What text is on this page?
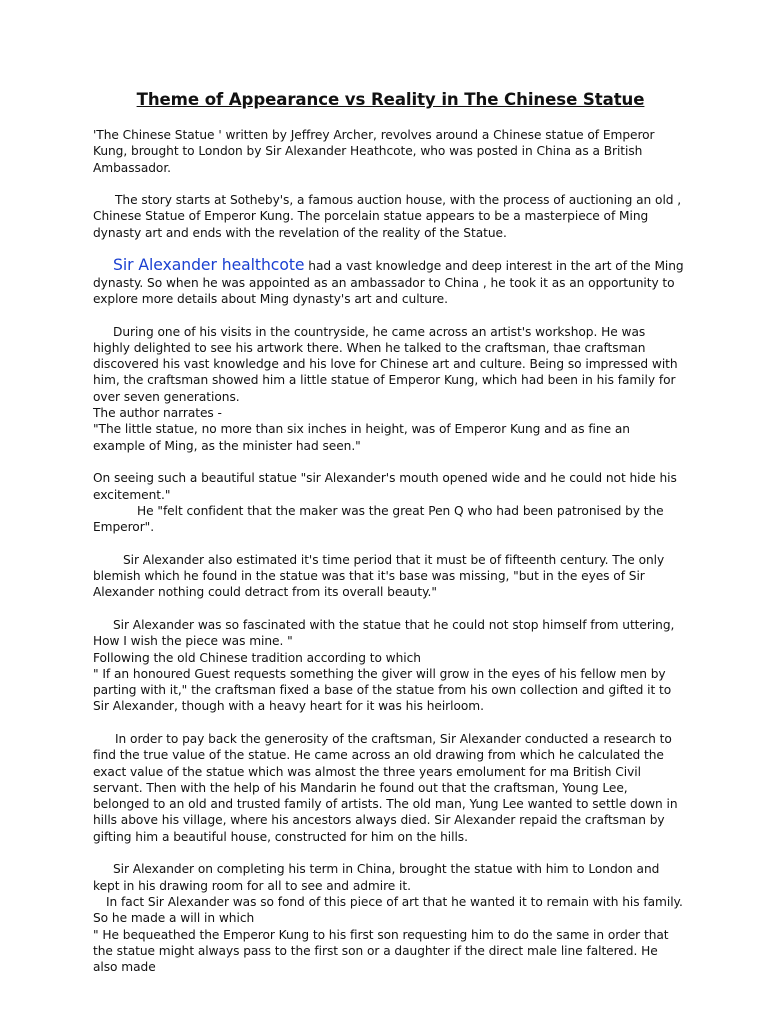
Theme of Appearance vs Reality in The Chinese Statue

'The Chinese Statue ' written by Jeffrey Archer, revolves around a Chinese statue of Emperor Kung, brought to London by Sir Alexander Heathcote, who was posted in China as a British Ambassador.

The story starts at Sotheby's, a famous auction house, with the process of auctioning an old , Chinese Statue of Emperor Kung. The porcelain statue appears to be a masterpiece of Ming dynasty art and ends with the revelation of the reality of the Statue.

Sir Alexander healthcote had a vast knowledge and deep interest in the art of the Ming dynasty. So when he was appointed as an ambassador to China , he took it as an opportunity to explore more details about Ming dynasty's art and culture.

During one of his visits in the countryside, he came across an artist's workshop. He was highly delighted to see his artwork there. When he talked to the craftsman, thae craftsman discovered his vast knowledge and his love for Chinese art and culture. Being so impressed with him, the craftsman showed him a little statue of Emperor Kung, which had been in his family for over seven generations.

The author narrates -

"The little statue, no more than six inches in height, was of Emperor Kung and as fine an example of Ming, as the minister had seen."

On seeing such a beautiful statue "sir Alexander's mouth opened wide and he could not hide his excitement."

He "felt confident that the maker was the great Pen Q who had been patronised by the Emperor".

Sir Alexander also estimated it's time period that it must be of fifteenth century. The only blemish which he found in the statue was that it's base was missing, "but in the eyes of Sir Alexander nothing could detract from its overall beauty."

Sir Alexander was so fascinated with the statue that he could not stop himself from uttering, How I wish the piece was mine. "

Following the old Chinese tradition according to which

" If an honoured Guest requests something the giver will grow in the eyes of his fellow men by parting with it," the craftsman fixed a base of the statue from his own collection and gifted it to Sir Alexander, though with a heavy heart for it was his heirloom.

In order to pay back the generosity of the craftsman, Sir Alexander conducted a research to find the true value of the statue. He came across an old drawing from which he calculated the exact value of the statue which was almost the three years emolument for ma British Civil servant. Then with the help of his Mandarin he found out that the craftsman, Young Lee, belonged to an old and trusted family of artists. The old man, Yung Lee wanted to settle down in hills above his village, where his ancestors always died. Sir Alexander repaid the craftsman by gifting him a beautiful house, constructed for him on the hills.

Sir Alexander on completing his term in China, brought the statue with him to London and kept in his drawing room for all to see and admire it.

In fact Sir Alexander was so fond of this piece of art that he wanted it to remain with his family. So he made a will in which

" He bequeathed the Emperor Kung to his first son requesting him to do the same in order that the statue might always pass to the first son or a daughter if the direct male line faltered. He also made
